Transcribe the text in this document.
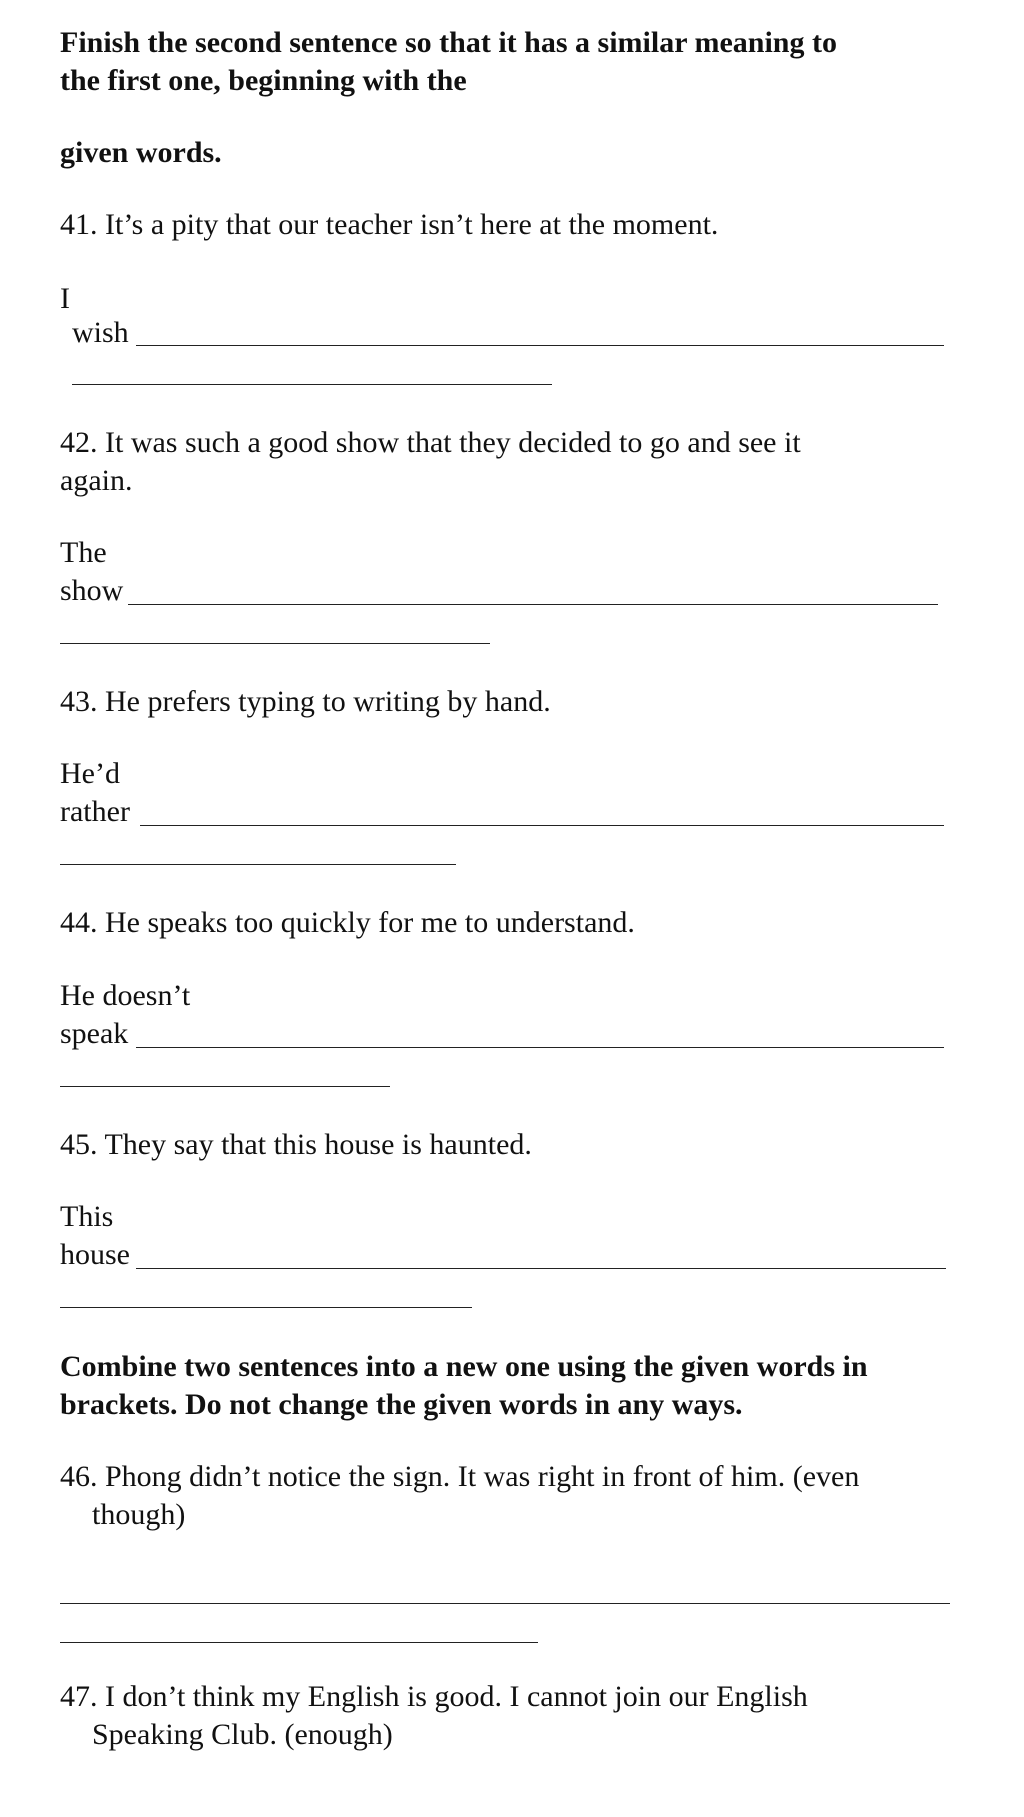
Finish the second sentence so that it has a similar meaning to
the first one, beginning with the
given words.
41. It’s a pity that our teacher isn’t here at the moment.
I
wish
42. It was such a good show that they decided to go and see it
again.
The
show
43. He prefers typing to writing by hand.
He’d
rather
44. He speaks too quickly for me to understand.
He doesn’t
speak
45. They say that this house is haunted.
This
house
Combine two sentences into a new one using the given words in
brackets. Do not change the given words in any ways.
46. Phong didn’t notice the sign. It was right in front of him. (even
though)
47. I don’t think my English is good. I cannot join our English
Speaking Club. (enough)
